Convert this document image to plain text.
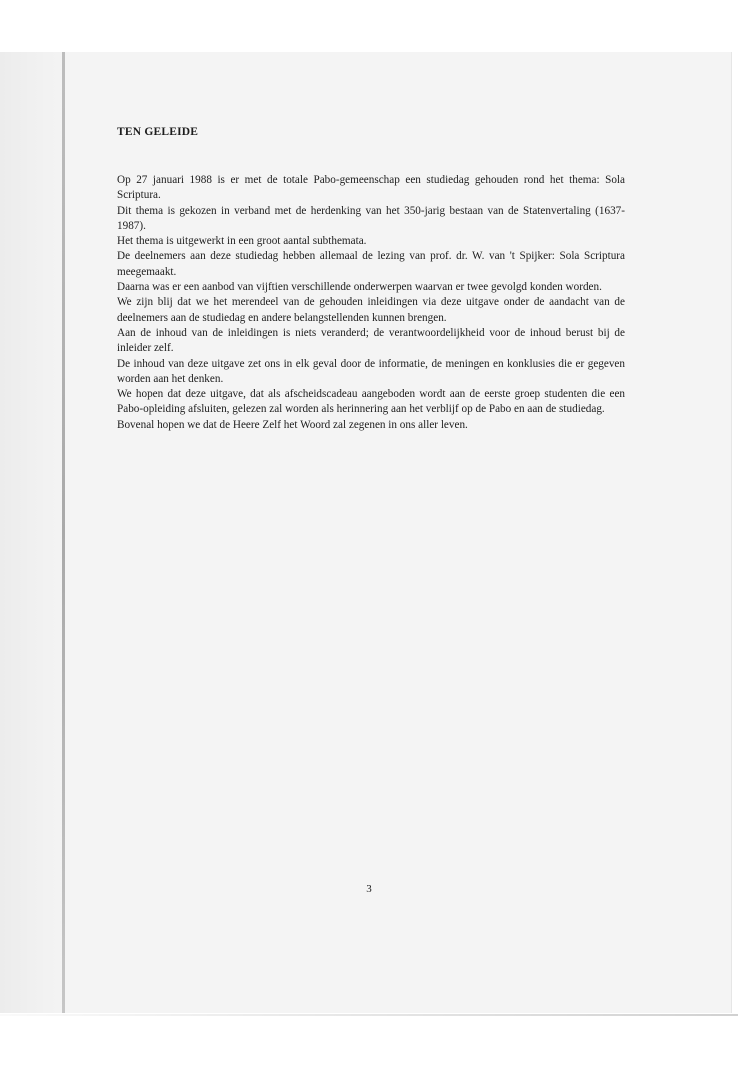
TEN GELEIDE

Op 27 januari 1988 is er met de totale Pabo-gemeenschap een studiedag gehouden rond het thema: Sola Scriptura.

Dit thema is gekozen in verband met de herdenking van het 350-jarig bestaan van de Statenvertaling (1637-1987).

Het thema is uitgewerkt in een groot aantal subthemata.

De deelnemers aan deze studiedag hebben allemaal de lezing van prof. dr. W. van 't Spijker: Sola Scriptura meegemaakt.

Daarna was er een aanbod van vijftien verschillende onderwerpen waarvan er twee gevolgd konden worden.

We zijn blij dat we het merendeel van de gehouden inleidingen via deze uitgave onder de aandacht van de deelnemers aan de studiedag en andere belangstellenden kunnen brengen.

Aan de inhoud van de inleidingen is niets veranderd; de verantwoordelijkheid voor de inhoud berust bij de inleider zelf.

De inhoud van deze uitgave zet ons in elk geval door de informatie, de meningen en konklusies die er gegeven worden aan het denken.

We hopen dat deze uitgave, dat als afscheidscadeau aangeboden wordt aan de eerste groep studenten die een Pabo-opleiding afsluiten, gelezen zal worden als herinnering aan het verblijf op de Pabo en aan de studiedag.

Bovenal hopen we dat de Heere Zelf het Woord zal zegenen in ons aller leven.

3
